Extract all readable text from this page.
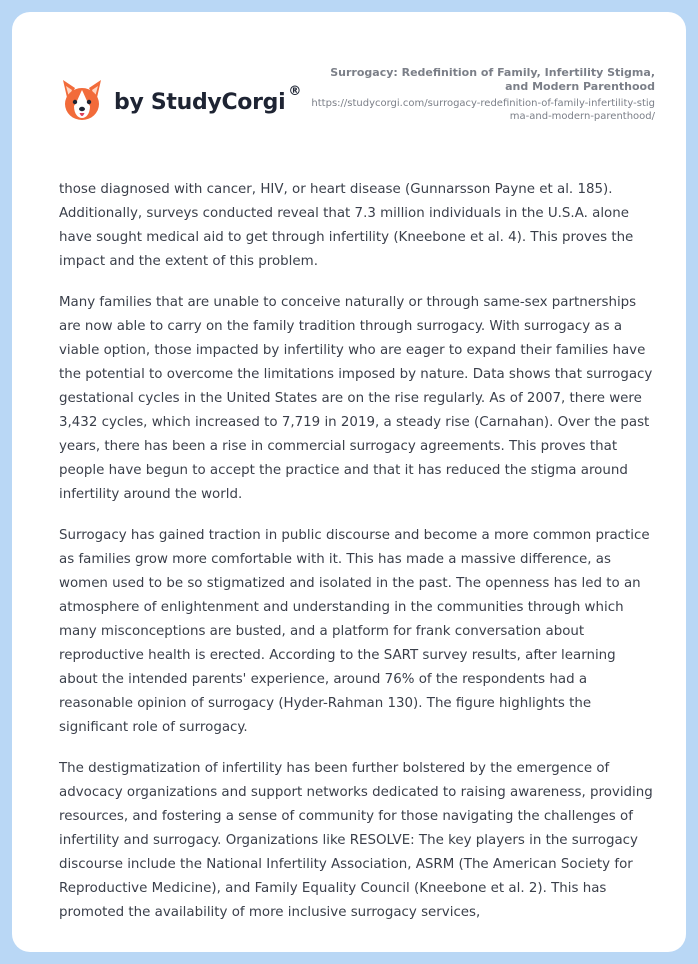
by StudyCorgi ®
Surrogacy: Redefinition of Family, Infertility Stigma, and Modern Parenthood
https://studycorgi.com/surrogacy-redefinition-of-family-infertility-stigma-and-modern-parenthood/

those diagnosed with cancer, HIV, or heart disease (Gunnarsson Payne et al. 185). Additionally, surveys conducted reveal that 7.3 million individuals in the U.S.A. alone have sought medical aid to get through infertility (Kneebone et al. 4). This proves the impact and the extent of this problem.

Many families that are unable to conceive naturally or through same-sex partnerships are now able to carry on the family tradition through surrogacy. With surrogacy as a viable option, those impacted by infertility who are eager to expand their families have the potential to overcome the limitations imposed by nature. Data shows that surrogacy gestational cycles in the United States are on the rise regularly. As of 2007, there were 3,432 cycles, which increased to 7,719 in 2019, a steady rise (Carnahan). Over the past years, there has been a rise in commercial surrogacy agreements. This proves that people have begun to accept the practice and that it has reduced the stigma around infertility around the world.

Surrogacy has gained traction in public discourse and become a more common practice as families grow more comfortable with it. This has made a massive difference, as women used to be so stigmatized and isolated in the past. The openness has led to an atmosphere of enlightenment and understanding in the communities through which many misconceptions are busted, and a platform for frank conversation about reproductive health is erected. According to the SART survey results, after learning about the intended parents' experience, around 76% of the respondents had a reasonable opinion of surrogacy (Hyder-Rahman 130). The figure highlights the significant role of surrogacy.

The destigmatization of infertility has been further bolstered by the emergence of advocacy organizations and support networks dedicated to raising awareness, providing resources, and fostering a sense of community for those navigating the challenges of infertility and surrogacy. Organizations like RESOLVE: The key players in the surrogacy discourse include the National Infertility Association, ASRM (The American Society for Reproductive Medicine), and Family Equality Council (Kneebone et al. 2). This has promoted the availability of more inclusive surrogacy services,
